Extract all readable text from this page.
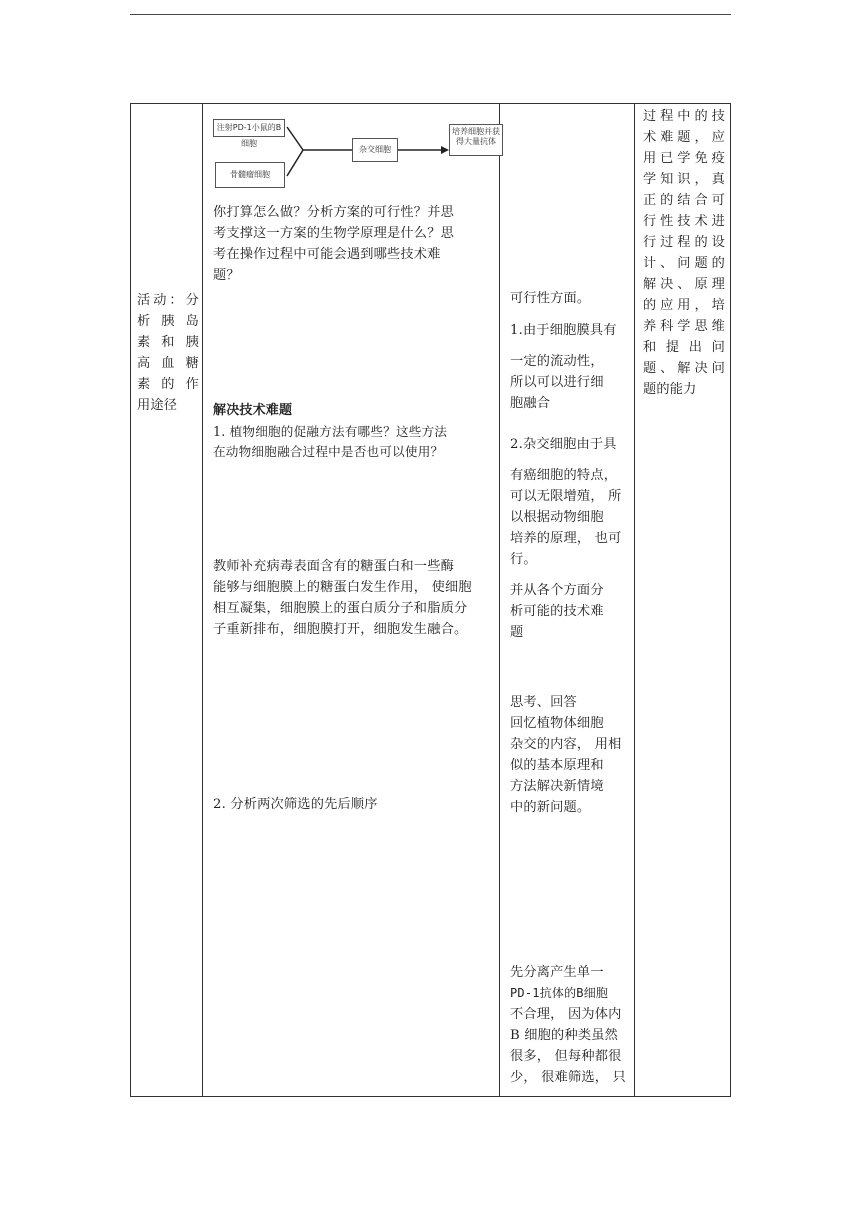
活动：分
析 胰 岛
素 和 胰
高 血 糖
素 的 作
用途径

注射PD-1小鼠的B细胞
骨髓瘤细胞
杂交细胞
培养细胞并获
得大量抗体
你打算怎么做？分析方案的可行性？并思
考支撑这一方案的生物学原理是什么？思
考在操作过程中可能会遇到哪些技术难
题？
解决技术难题
1. 植物细胞的促融方法有哪些？这些方法
在动物细胞融合过程中是否也可以使用？
教师补充病毒表面含有的糖蛋白和一些酶
能够与细胞膜上的糖蛋白发生作用， 使细胞
相互凝集，细胞膜上的蛋白质分子和脂质分
子重新排布，细胞膜打开，细胞发生融合。
2. 分析两次筛选的先后顺序

可行性方面。
1.由于细胞膜具有
一定的流动性，
所以可以进行细
胞融合
2.杂交细胞由于具
有癌细胞的特点，
可以无限增殖， 所
以根据动物细胞
培养的原理， 也可
行。
并从各个方面分
析可能的技术难
题
思考、回答
回忆植物体细胞
杂交的内容， 用相
似的基本原理和
方法解决新情境
中的新问题。
先分离产生单一
PD-1抗体的B细胞
不合理， 因为体内
B 细胞的种类虽然
很多， 但每种都很
少， 很难筛选， 只

过程中的技
术难题，应
用已学免疫
学知识，真
正的结合可
行性技术进
行过程的设
计、问题的
解决、原理
的应用，培
养科学思维
和 提 出 问
题、解决问
题的能力
